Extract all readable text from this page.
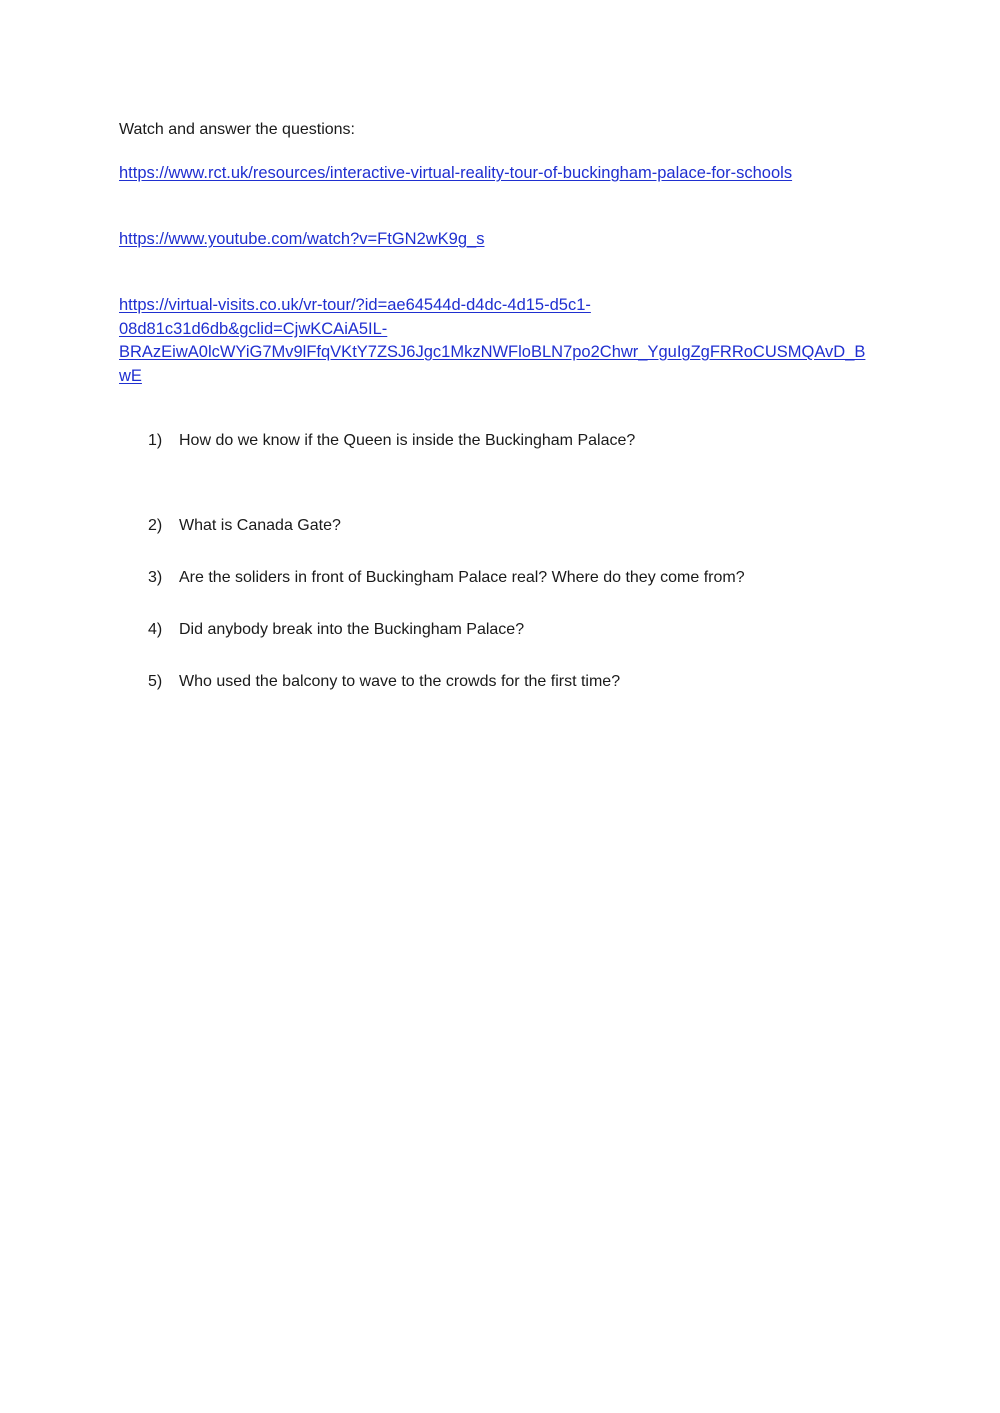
Watch and answer the questions:

https://www.rct.uk/resources/interactive-virtual-reality-tour-of-buckingham-palace-for-schools
https://www.youtube.com/watch?v=FtGN2wK9g_s
https://virtual-visits.co.uk/vr-tour/?id=ae64544d-d4dc-4d15-d5c1-
08d81c31d6db&gclid=CjwKCAiA5IL-
BRAzEiwA0lcWYiG7Mv9lFfqVKtY7ZSJ6Jgc1MkzNWFloBLN7po2Chwr_YguIgZgFRRoCUSMQAvD_B
wE
1) How do we know if the Queen is inside the Buckingham Palace?
2) What is Canada Gate?
3) Are the soliders in front of Buckingham Palace real? Where do they come from?
4) Did anybody break into the Buckingham Palace?
5) Who used the balcony to wave to the crowds for the first time?
